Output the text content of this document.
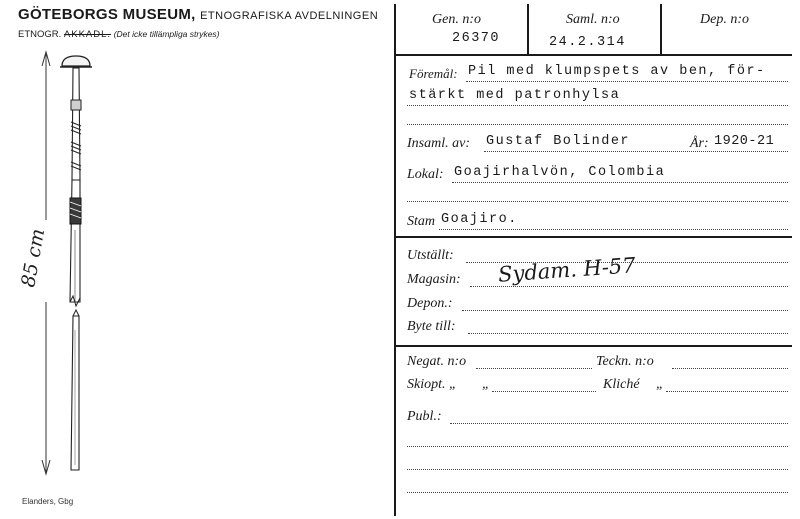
GÖTEBORGS MUSEUM, ETNOGRAFISKA AVDELNINGEN
ETNOGR. AKKADL. (Det icke tillämpliga strykes)
85 cm
Elanders, Gbg
Gen. n:o
26370
Saml. n:o
24.2.314
Dep. n:o
Föremål: Pil med klumpspets av ben, för-
stärkt med patronhylsa
Insaml. av: Gustaf Bolinder	År: 1920-21
Lokal: Goajirhalvön, Colombia
Stam Goajiro.
Utställt:
Magasin: Sydam. H-57
Depon.:
Byte till:
Negat. n:o	Teckn. n:o
Skiopt. „ „	Kliché „
Publ.:
